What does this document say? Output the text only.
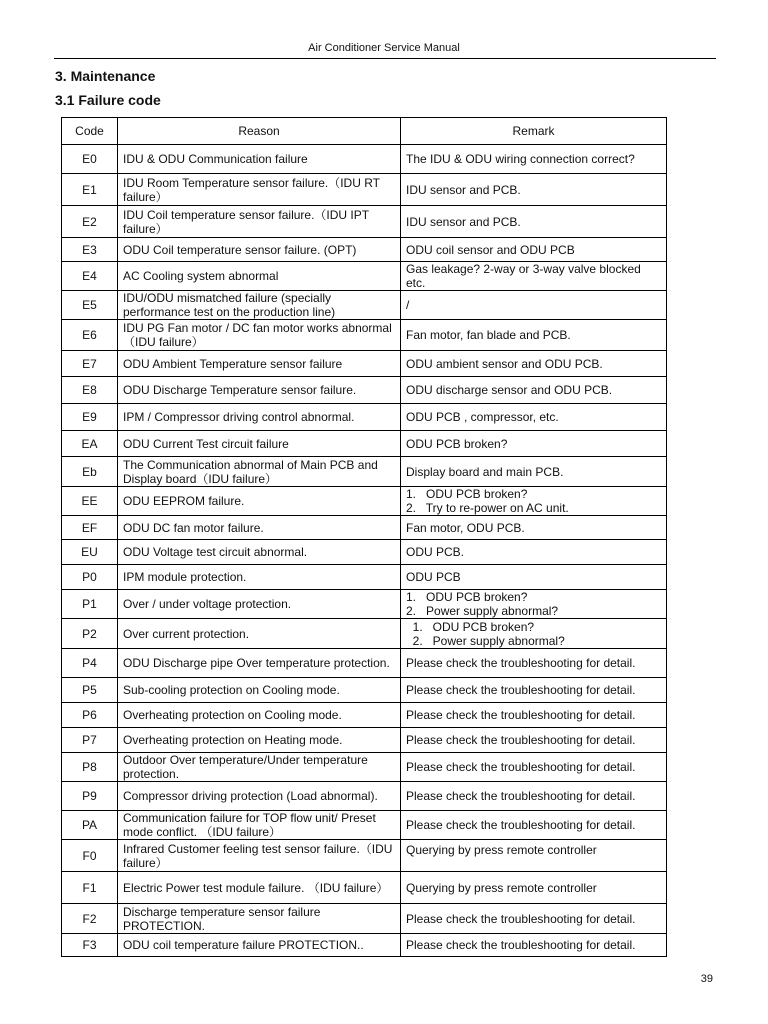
Air Conditioner Service Manual
3. Maintenance
3.1 Failure code
Code	Reason	Remark
E0	IDU & ODU Communication failure	The IDU & ODU wiring connection correct?
E1	IDU Room Temperature sensor failure.（IDU RT failure）	IDU sensor and PCB.
E2	IDU Coil temperature sensor failure.（IDU IPT failure）	IDU sensor and PCB.
E3	ODU Coil temperature sensor failure. (OPT)	ODU coil sensor and ODU PCB
E4	AC Cooling system abnormal	Gas leakage? 2-way or 3-way valve blocked etc.
E5	IDU/ODU mismatched failure (specially performance test on the production line)	/
E6	IDU PG Fan motor / DC fan motor works abnormal（IDU failure）	Fan motor, fan blade and PCB.
E7	ODU Ambient Temperature sensor failure	ODU ambient sensor and ODU PCB.
E8	ODU Discharge Temperature sensor failure.	ODU discharge sensor and ODU PCB.
E9	IPM / Compressor driving control abnormal.	ODU PCB , compressor, etc.
EA	ODU Current Test circuit failure	ODU PCB broken?
Eb	The Communication abnormal of Main PCB and Display board（IDU failure）	Display board and main PCB.
EE	ODU EEPROM failure.	1.   ODU PCB broken?
2.   Try to re-power on AC unit.
EF	ODU DC fan motor failure.	Fan motor, ODU PCB.
EU	ODU Voltage test circuit abnormal.	ODU PCB.
P0	IPM module protection.	ODU PCB
P1	Over / under voltage protection.	1.   ODU PCB broken?
2.   Power supply abnormal?
P2	Over current protection.	1.   ODU PCB broken?
2.   Power supply abnormal?
P4	ODU Discharge pipe Over temperature protection.	Please check the troubleshooting for detail.
P5	Sub-cooling protection on Cooling mode.	Please check the troubleshooting for detail.
P6	Overheating protection on Cooling mode.	Please check the troubleshooting for detail.
P7	Overheating protection on Heating mode.	Please check the troubleshooting for detail.
P8	Outdoor Over temperature/Under temperature protection.	Please check the troubleshooting for detail.
P9	Compressor driving protection (Load abnormal).	Please check the troubleshooting for detail.
PA	Communication failure for TOP flow unit/ Preset mode conflict. （IDU failure）	Please check the troubleshooting for detail.
F0	Infrared Customer feeling test sensor failure.（IDU failure）	Querying by press remote controller
F1	Electric Power test module failure. （IDU failure）	Querying by press remote controller
F2	Discharge temperature sensor failure PROTECTION.	Please check the troubleshooting for detail.
F3	ODU coil temperature failure PROTECTION..	Please check the troubleshooting for detail.
39
